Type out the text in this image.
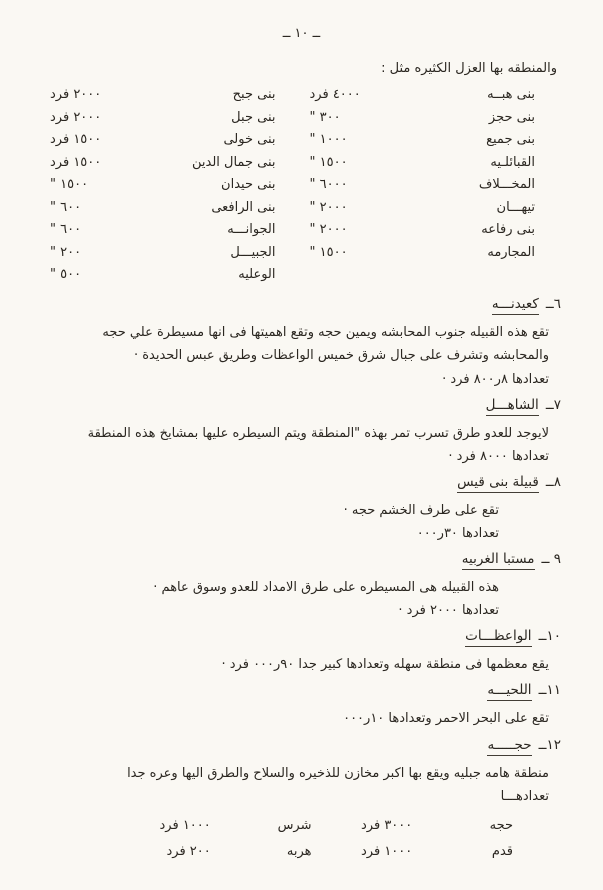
ــ ١٠ ــ
والمنطقه بها العزل الكثيره مثل :
بنى هبــه
٤٠٠٠ فرد
بنى حجز
٣٠٠ "
بنى جميع
١٠٠٠ "
القبائلـيه
١٥٠٠ "
المخـــلاف
٦٠٠٠ "
تيهـــان
٢٠٠٠ "
بنى رفاعه
٢٠٠٠ "
المجارمه
١٥٠٠ "
بنى جبح
٢٠٠٠ فرد
بنى جبل
٢٠٠٠ فرد
بنى خولى
١٥٠٠ فرد
بنى جمال الدين
١٥٠٠ فرد
بنى حيدان
١٥٠٠ "
بنى الرافعى
٦٠٠ "
الجوانـــه
٦٠٠ "
الجبيـــل
٢٠٠ "
الوعليه
٥٠٠ "
٦ــ
كعيدنـــه

تقع هذه القبيله جنوب المحابشه ويمين حجه وتقع اهميتها فى انها مسيطرة علي حجه والمحابشه وتشرف على جبال شرق خميس الواعظات وطريق عبس الحديدة ·

تعدادها ٨ر٨٠٠ فرد ·

٧ــ
الشاهـــل

لايوجد للعدو طرق تسرب تمر بهذه "المنطقة ويتم السيطره عليها بمشايخ هذه المنطقة

تعدادها ٨٠٠٠ فرد ·

٨ــ
قبيلة بنى قيس

تقع على طرف الخشم حجه ·

تعدادها ٣٠ر٠٠٠

٩ ــ
مستبا الغربيه

هذه القبيله هى المسيطره على طرق الامداد للعدو وسوق عاهم ·

تعدادها ٢٠٠٠ فرد ·

١٠ــ
الواعظـــات

يقع معظمها فى منطقة سهله وتعدادها كبير جدا ٩٠ر٠٠٠ فرد ·

١١ــ
اللحيـــه

تقع على البحر الاحمر وتعدادها ١٠ر٠٠٠

١٢ــ
حجـــــه

منطقة هامه جبليه ويقع بها اكبر مخازن للذخيره والسلاح والطرق اليها وعره جدا

تعدادهـــا

حجه
٣٠٠٠ فرد
شرس
١٠٠٠ فرد
قدم
١٠٠٠ فرد
هربه
٢٠٠ فرد
